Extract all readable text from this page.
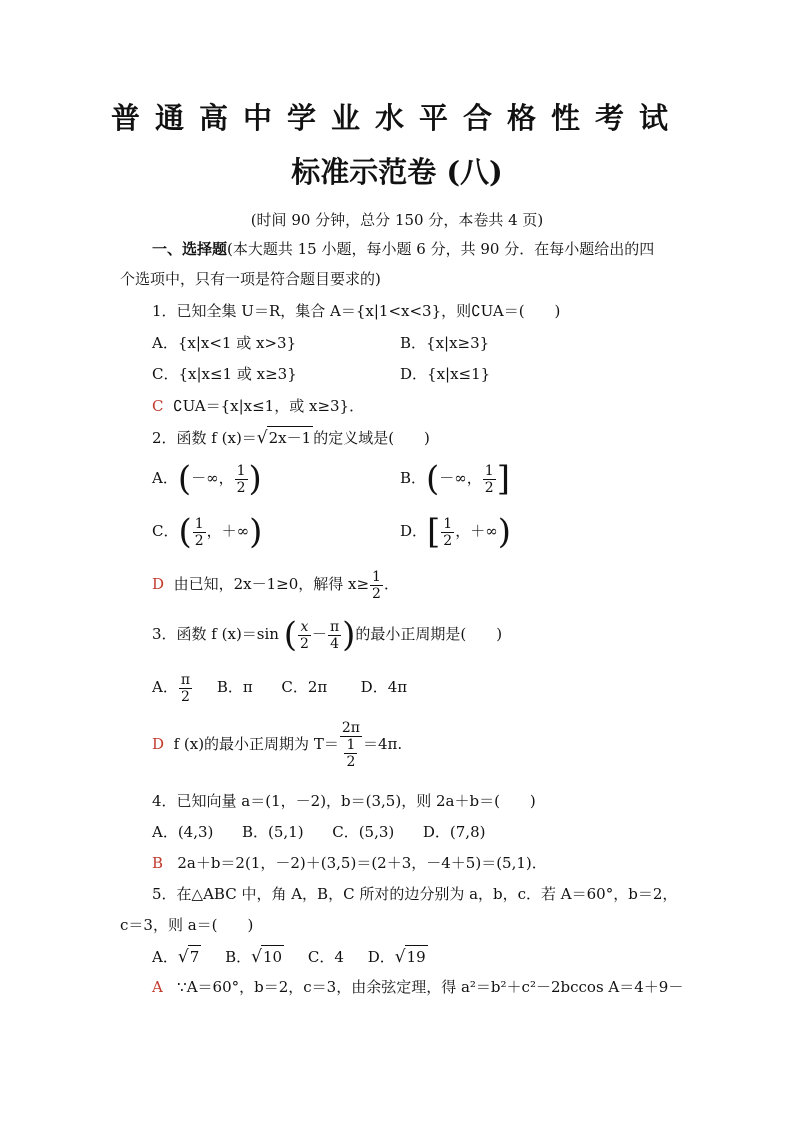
普通高中学业水平合格性考试
标准示范卷 (八)
(时间 90 分钟，总分 150 分，本卷共 4 页)
一、选择题(本大题共 15 小题，每小题 6 分，共 90 分．在每小题给出的四
个选项中，只有一项是符合题目要求的)
1．已知全集 U＝R，集合 A＝{x|1<x<3}，则∁UA＝(　　)
A．{x|x<1 或 x>3}	B．{x|x≥3}
C．{x|x≤1 或 x≥3}	D．{x|x≤1}
C ∁UA＝{x|x≤1，或 x≥3}．
2．函数 f (x)＝√2x－1 的定义域是(　　)
A．(－∞， $\frac{1}{2}$ )	B．(－∞， $\frac{1}{2}$ ]
C．( $\frac{1}{2}$ ，＋∞)	D．[ $\frac{1}{2}$ ，＋∞)
D 由已知，2x－1≥0，解得 $x\ge \frac{1}{2}$ ．
3．函数 f (x)＝sin ( $\frac{x}{2} - \frac{\pi}{4}$ )的最小正周期是(　　)
A． $\frac{\pi}{2}$ B．π C．2π D．4π
D f (x)的最小正周期为 $T= \frac{2\pi}{\frac{1}{2}} =4\pi$.
4．已知向量 a＝(1，－2)，b＝(3,5)，则 2a＋b＝(　　)
A．(4,3) B．(5,1) C．(5,3) D．(7,8)
B 2a＋b＝2(1，－2)＋(3,5)＝(2＋3，－4＋5)＝(5,1)．
5．在△ABC 中，角 A，B，C 所对的边分别为 a，b，c．若 A＝60°，b＝2，
c＝3，则 a＝(　　)
A．√7 B．√10 C．4 D．√19
A ∵A＝60°，b＝2，c＝3，由余弦定理，得 a²＝b²＋c²－2bccos A＝4＋9－
